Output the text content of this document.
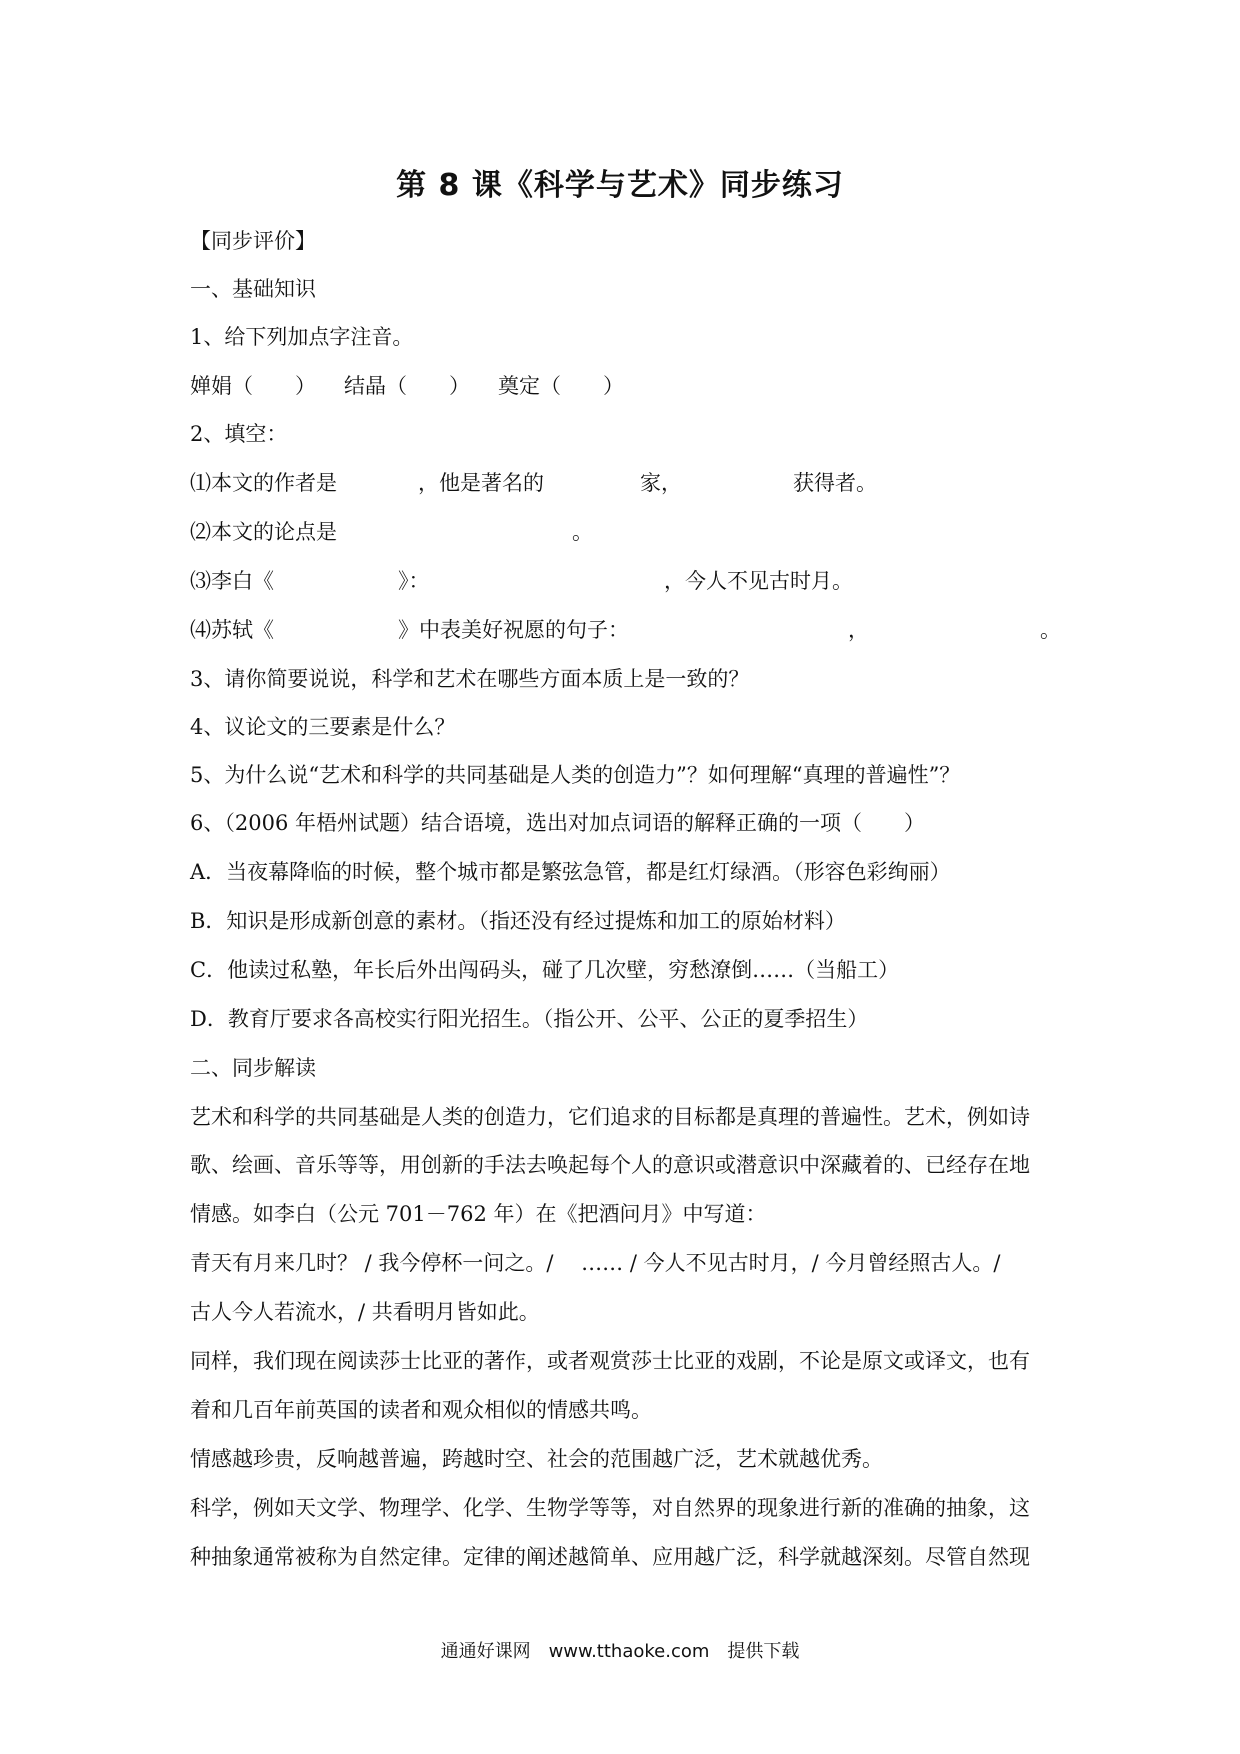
第 8 课《科学与艺术》同步练习
【同步评价】
一、基础知识
1、给下列加点字注音。
婵娟（　　） 结晶（　　） 奠定（　　）
2、填空：
⑴本文的作者是	，他是著名的	家，	获得者。
⑵本文的论点是	。
⑶李白《	》：	，今人不见古时月。
⑷苏轼《	》中表美好祝愿的句子：	，	。
3、请你简要说说，科学和艺术在哪些方面本质上是一致的？
4、议论文的三要素是什么？
5、为什么说“艺术和科学的共同基础是人类的创造力”？如何理解“真理的普遍性”？
6、（2006 年梧州试题）结合语境，选出对加点词语的解释正确的一项（　　）
A．当夜幕降临的时候，整个城市都是繁弦急管，都是红灯绿酒。（形容色彩绚丽）
B．知识是形成新创意的素材。（指还没有经过提炼和加工的原始材料）
C．他读过私塾，年长后外出闯码头，碰了几次壁，穷愁潦倒……（当船工）
D．教育厅要求各高校实行阳光招生。（指公开、公平、公正的夏季招生）
二、同步解读
艺术和科学的共同基础是人类的创造力，它们追求的目标都是真理的普遍性。艺术，例如诗
歌、绘画、音乐等等，用创新的手法去唤起每个人的意识或潜意识中深藏着的、已经存在地
情感。如李白（公元 701－762 年）在《把酒问月》中写道：
青天有月来几时？ / 我今停杯一问之。/　 …… / 今人不见古时月，/ 今月曾经照古人。/
古人今人若流水，/ 共看明月皆如此。
同样，我们现在阅读莎士比亚的著作，或者观赏莎士比亚的戏剧，不论是原文或译文，也有
着和几百年前英国的读者和观众相似的情感共鸣。
情感越珍贵，反响越普遍，跨越时空、社会的范围越广泛，艺术就越优秀。
科学，例如天文学、物理学、化学、生物学等等，对自然界的现象进行新的准确的抽象，这
种抽象通常被称为自然定律。定律的阐述越简单、应用越广泛，科学就越深刻。尽管自然现
通通好课网　www.tthaoke.com　提供下载
